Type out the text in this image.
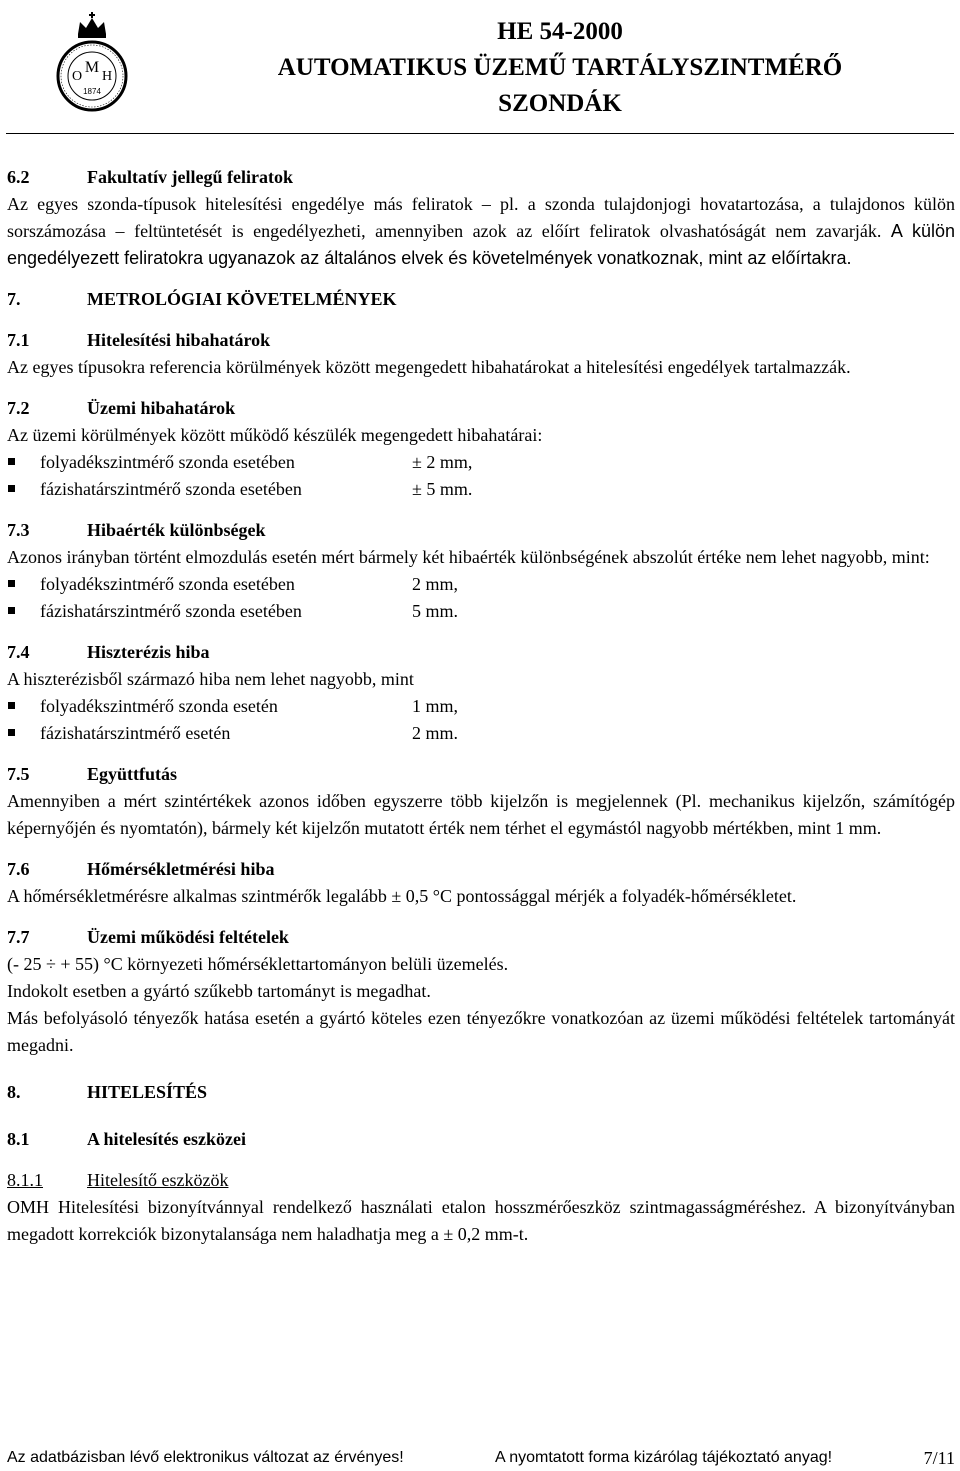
M
O H
1874
HE 54-2000
AUTOMATIKUS ÜZEMŰ TARTÁLYSZINTMÉRŐ
SZONDÁK
6.2	Fakultatív jellegű feliratok

Az egyes szonda-típusok hitelesítési engedélye más feliratok – pl. a szonda tulajdonjogi hovatartozása, a tulajdonos külön sorszámozása – feltüntetését is engedélyezheti, amennyiben azok az előírt feliratok olvashatóságát nem zavarják. A külön engedélyezett feliratokra ugyanazok az általános elvek és követelmények vonatkoznak, mint az előírtakra.

7.	METROLÓGIAI KÖVETELMÉNYEK
7.1	Hitelesítési hibahatárok

Az egyes típusokra referencia körülmények között megengedett hibahatárokat a hitelesítési engedélyek tartalmazzák.

7.2	Üzemi hibahatárok

Az üzemi körülmények között működő készülék megengedett hibahatárai:

folyadékszintmérő szonda esetében	± 2 mm,
fázishatárszintmérő szonda esetében	± 5 mm.
7.3	Hibaérték különbségek

Azonos irányban történt elmozdulás esetén mért bármely két hibaérték különbségének abszolút értéke nem lehet nagyobb, mint:

folyadékszintmérő szonda esetében	2 mm,
fázishatárszintmérő szonda esetében	5 mm.
7.4	Hiszterézis hiba

A hiszterézisből származó hiba nem lehet nagyobb, mint

folyadékszintmérő szonda esetén	1 mm,
fázishatárszintmérő esetén	2 mm.
7.5	Együttfutás

Amennyiben a mért szintértékek azonos időben egyszerre több kijelzőn is megjelennek (Pl. mechanikus kijelzőn, számítógép képernyőjén és nyomtatón), bármely két kijelzőn mutatott érték nem térhet el egymástól nagyobb mértékben, mint 1 mm.

7.6	Hőmérsékletmérési hiba

A hőmérsékletmérésre alkalmas szintmérők legalább ± 0,5 °C pontossággal mérjék a folyadék-hőmérsékletet.

7.7	Üzemi működési feltételek

(- 25 ÷ + 55) °C környezeti hőmérséklettartományon belüli üzemelés.

Indokolt esetben a gyártó szűkebb tartományt is megadhat.

Más befolyásoló tényezők hatása esetén a gyártó köteles ezen tényezőkre vonatkozóan az üzemi működési feltételek tartományát megadni.

8.	HITELESÍTÉS
8.1	A hitelesítés eszközei
8.1.1 Hitelesítő eszközök

OMH Hitelesítési bizonyítvánnyal rendelkező használati etalon hosszmérőeszköz szintmagasságméréshez. A bizonyítványban megadott korrekciók bizonytalansága nem haladhatja meg a ± 0,2 mm-t.

Az adatbázisban lévő elektronikus változat az érvényes!	A nyomtatott forma kizárólag tájékoztató anyag!	7/11
